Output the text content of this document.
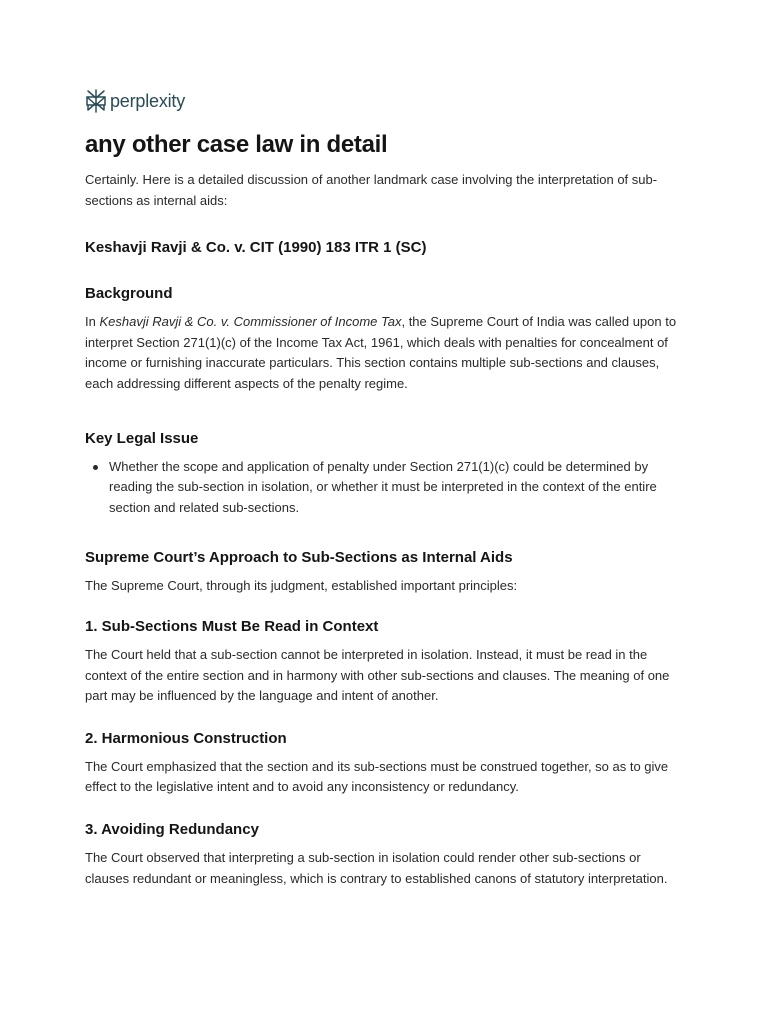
perplexity
any other case law in detail

Certainly. Here is a detailed discussion of another landmark case involving the interpretation of sub-sections as internal aids:

Keshavji Ravji & Co. v. CIT (1990) 183 ITR 1 (SC)
Background

In Keshavji Ravji & Co. v. Commissioner of Income Tax, the Supreme Court of India was called upon to interpret Section 271(1)(c) of the Income Tax Act, 1961, which deals with penalties for concealment of income or furnishing inaccurate particulars. This section contains multiple sub-sections and clauses, each addressing different aspects of the penalty regime.

Key Legal Issue
Whether the scope and application of penalty under Section 271(1)(c) could be determined by reading the sub-section in isolation, or whether it must be interpreted in the context of the entire section and related sub-sections.
Supreme Court’s Approach to Sub-Sections as Internal Aids

The Supreme Court, through its judgment, established important principles:

1. Sub-Sections Must Be Read in Context

The Court held that a sub-section cannot be interpreted in isolation. Instead, it must be read in the context of the entire section and in harmony with other sub-sections and clauses. The meaning of one part may be influenced by the language and intent of another.

2. Harmonious Construction

The Court emphasized that the section and its sub-sections must be construed together, so as to give effect to the legislative intent and to avoid any inconsistency or redundancy.

3. Avoiding Redundancy

The Court observed that interpreting a sub-section in isolation could render other sub-sections or clauses redundant or meaningless, which is contrary to established canons of statutory interpretation.
